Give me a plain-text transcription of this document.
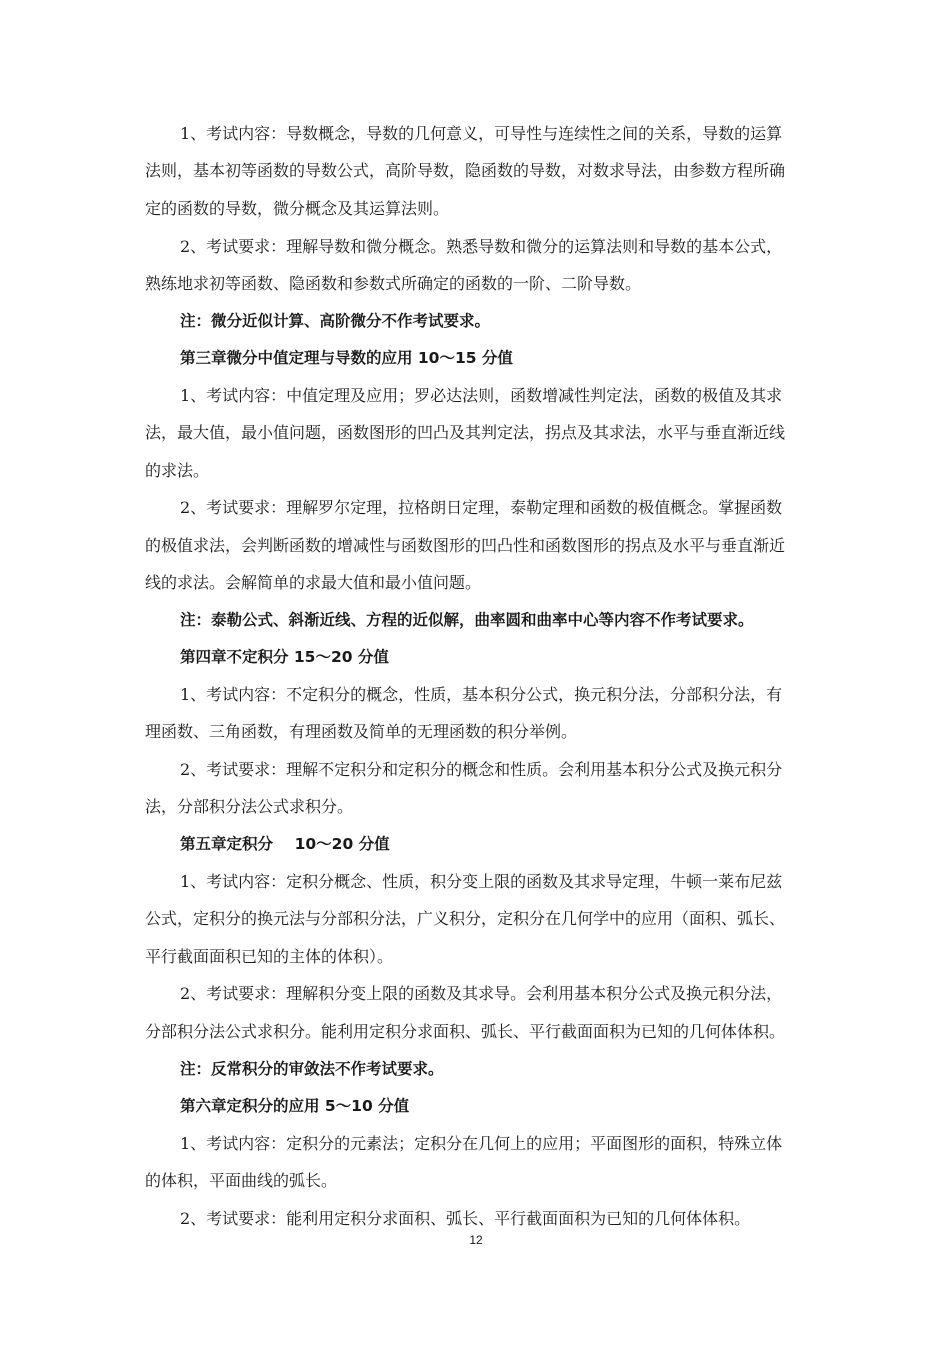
1、考试内容：导数概念，导数的几何意义，可导性与连续性之间的关系，导数的运算
法则，基本初等函数的导数公式，高阶导数，隐函数的导数，对数求导法，由参数方程所确
定的函数的导数，微分概念及其运算法则。
2、考试要求：理解导数和微分概念。熟悉导数和微分的运算法则和导数的基本公式，
熟练地求初等函数、隐函数和参数式所确定的函数的一阶、二阶导数。
注：微分近似计算、高阶微分不作考试要求。
第三章微分中值定理与导数的应用 10～15 分值
1、考试内容：中值定理及应用；罗必达法则，函数增减性判定法，函数的极值及其求
法，最大值，最小值问题，函数图形的凹凸及其判定法，拐点及其求法，水平与垂直渐近线
的求法。
2、考试要求：理解罗尔定理，拉格朗日定理，泰勒定理和函数的极值概念。掌握函数
的极值求法，会判断函数的增减性与函数图形的凹凸性和函数图形的拐点及水平与垂直渐近
线的求法。会解简单的求最大值和最小值问题。
注：泰勒公式、斜渐近线、方程的近似解，曲率圆和曲率中心等内容不作考试要求。
第四章不定积分 15～20 分值
1、考试内容：不定积分的概念，性质，基本积分公式，换元积分法，分部积分法，有
理函数、三角函数，有理函数及简单的无理函数的积分举例。
2、考试要求：理解不定积分和定积分的概念和性质。会利用基本积分公式及换元积分
法，分部积分法公式求积分。
第五章定积分    10～20 分值
1、考试内容：定积分概念、性质，积分变上限的函数及其求导定理，牛顿一莱布尼兹
公式，定积分的换元法与分部积分法，广义积分，定积分在几何学中的应用（面积、弧长、
平行截面面积已知的主体的体积）。
2、考试要求：理解积分变上限的函数及其求导。会利用基本积分公式及换元积分法，
分部积分法公式求积分。能利用定积分求面积、弧长、平行截面面积为已知的几何体体积。
注：反常积分的审敛法不作考试要求。
第六章定积分的应用 5～10 分值
1、考试内容：定积分的元素法；定积分在几何上的应用；平面图形的面积，特殊立体
的体积，平面曲线的弧长。
2、考试要求：能利用定积分求面积、弧长、平行截面面积为已知的几何体体积。
12
